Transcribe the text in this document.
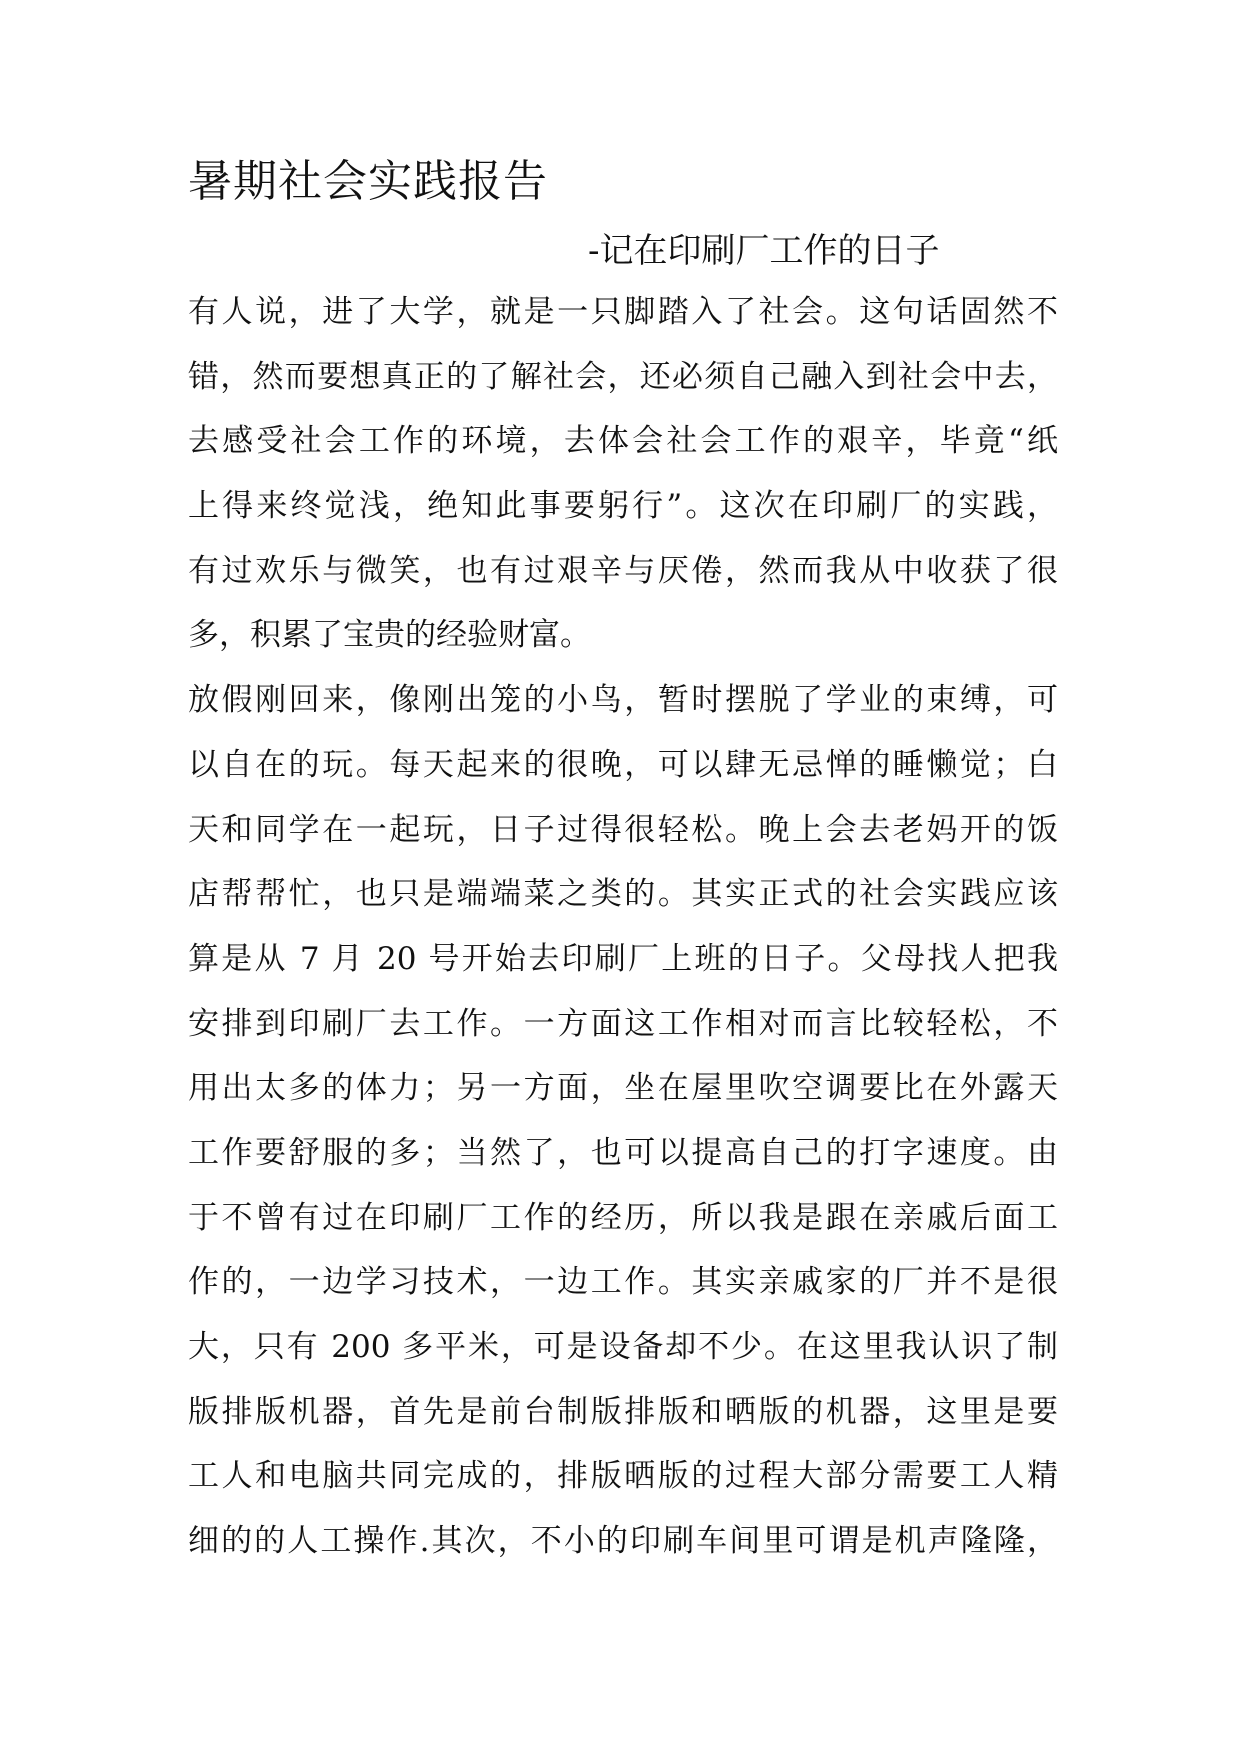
暑期社会实践报告
-记在印刷厂工作的日子
有人说，进了大学，就是一只脚踏入了社会。这句话固然不
错，然而要想真正的了解社会，还必须自己融入到社会中去，
去感受社会工作的环境，去体会社会工作的艰辛，毕竟“纸
上得来终觉浅，绝知此事要躬行”。这次在印刷厂的实践，
有过欢乐与微笑，也有过艰辛与厌倦，然而我从中收获了很
多，积累了宝贵的经验财富。
放假刚回来，像刚出笼的小鸟，暂时摆脱了学业的束缚，可
以自在的玩。每天起来的很晚，可以肆无忌惮的睡懒觉；白
天和同学在一起玩，日子过得很轻松。晚上会去老妈开的饭
店帮帮忙，也只是端端菜之类的。其实正式的社会实践应该
算是从 7 月 20 号开始去印刷厂上班的日子。父母找人把我
安排到印刷厂去工作。一方面这工作相对而言比较轻松，不
用出太多的体力；另一方面，坐在屋里吹空调要比在外露天
工作要舒服的多；当然了，也可以提高自己的打字速度。由
于不曾有过在印刷厂工作的经历，所以我是跟在亲戚后面工
作的，一边学习技术，一边工作。其实亲戚家的厂并不是很
大，只有 200 多平米，可是设备却不少。在这里我认识了制
版排版机器，首先是前台制版排版和晒版的机器，这里是要
工人和电脑共同完成的，排版晒版的过程大部分需要工人精
细的的人工操作.其次，不小的印刷车间里可谓是机声隆隆，
